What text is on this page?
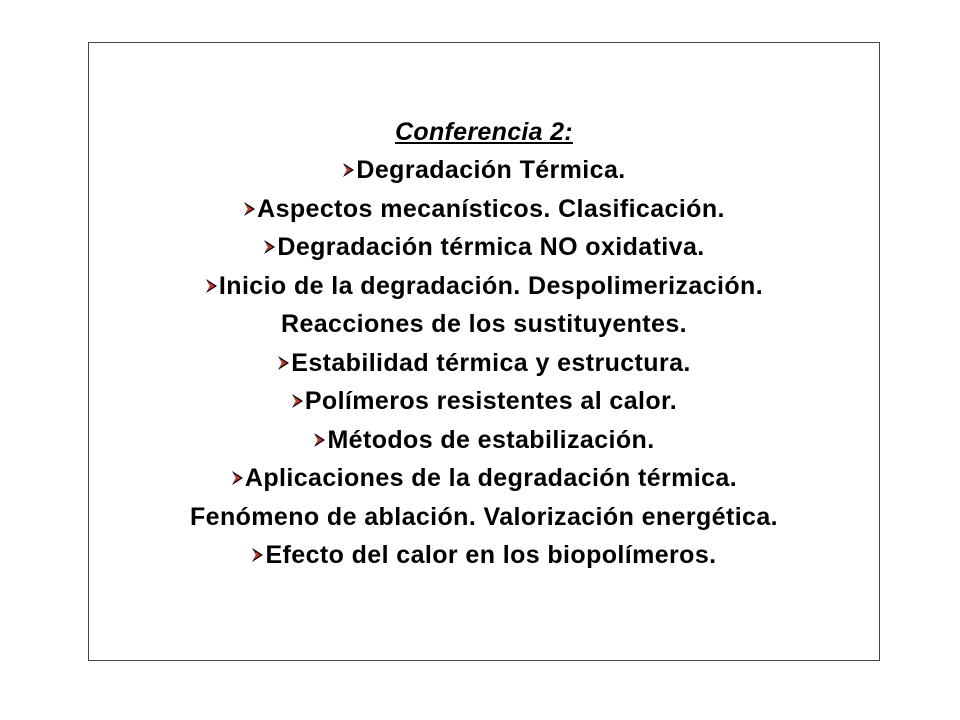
Conferencia 2:
Degradación Térmica.
Aspectos mecanísticos. Clasificación.
Degradación térmica NO oxidativa.
Inicio de la degradación. Despolimerización.
Reacciones de los sustituyentes.
Estabilidad térmica y estructura.
Polímeros resistentes al calor.
Métodos de estabilización.
Aplicaciones de la degradación térmica.
Fenómeno de ablación. Valorización energética.
Efecto del calor en los biopolímeros.
